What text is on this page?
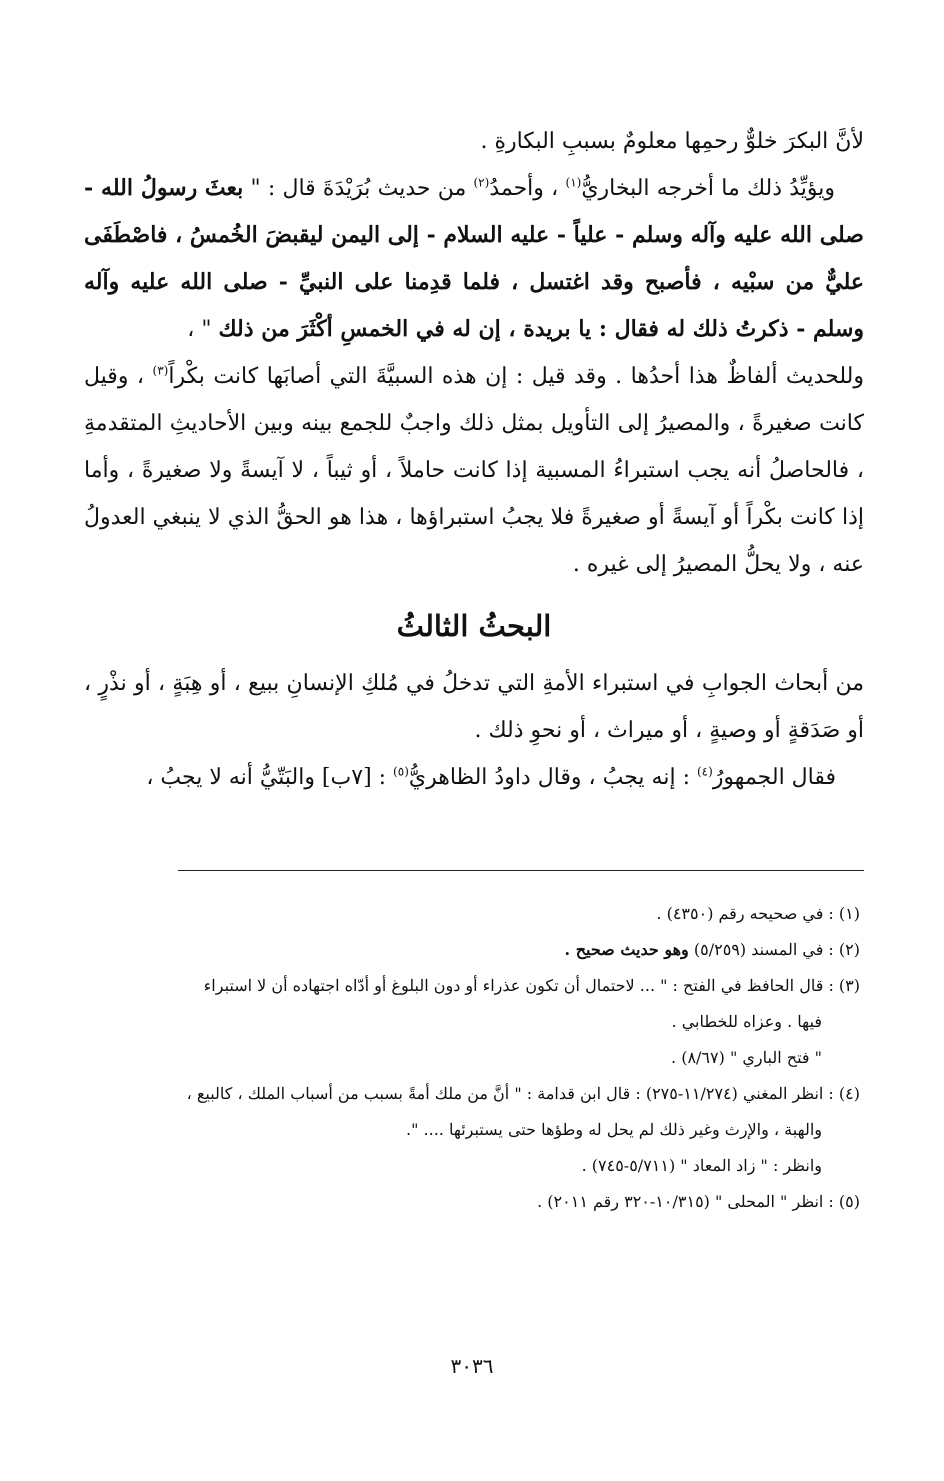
لأنَّ البكرَ خلوٌّ رحمِها معلومٌ بسببِ البكارةِ .

ويؤيِّدُ ذلك ما أخرجه البخاريُّ$^{(١)}$ ، وأحمدُ$^{(٢)}$ من حديث بُرَيْدَةَ قال : " بعثَ رسولُ الله - صلى الله عليه وآله وسلم - علياً - عليه السلام - إلى اليمن ليقبضَ الخُمسُ ، فاصْطَفَى عليٌّ من سبْيه ، فأصبح وقد اغتسل ، فلما قدِمنا على النبيِّ - صلى الله عليه وآله وسلم - ذكرتُ ذلك له فقال : يا بريدة ، إن له في الخمسِ أكْثَرَ من ذلك " ،

وللحديث ألفاظٌ هذا أحدُها . وقد قيل : إن هذه السبيَّةَ التي أصابَها كانت بكْراً$^{(٣)}$ ، وقيل كانت صغيرةً ، والمصيرُ إلى التأويل بمثل ذلك واجبٌ للجمع بينه وبين الأحاديثِ المتقدمةِ ، فالحاصلُ أنه يجب استبراءُ المسبية إذا كانت حاملاً ، أو ثيباً ، لا آيسةً ولا صغيرةً ، وأما إذا كانت بكْراً أو آيسةً أو صغيرةً فلا يجبُ استبراؤها ، هذا هو الحقُّ الذي لا ينبغي العدولُ عنه ، ولا يحلُّ المصيرُ إلى غيره .

البحثُ الثالثُ

من أبحاث الجوابِ في استبراء الأمةِ التي تدخلُ في مُلكِ الإنسانِ ببيع ، أو هِبَةٍ ، أو نذْرٍ ، أو صَدَقةٍ أو وصيةٍ ، أو ميراث ، أو نحوِ ذلك .

فقال الجمهورُ$^{(٤)}$ : إنه يجبُ ، وقال داودُ الظاهريُّ$^{(٥)}$ : [٧ب] والبَتّيُّ أنه لا يجبُ ،

(١) : في صحيحه رقم (٤٣٥٠) .

(٢) : في المسند (٥/٢٥٩) وهو حديث صحيح .

(٣) : قال الحافظ في الفتح : " ... لاحتمال أن تكون عذراء أو دون البلوغ أو أدّاه اجتهاده أن لا استبراء

فيها . وعزاه للخطابي .

" فتح الباري " (٨/٦٧) .

(٤) : انظر المغني (١١/٢٧٤-٢٧٥) : قال ابن قدامة : " أنَّ من ملك أمةً بسبب من أسباب الملك ، كالبيع ،

والهبة ، والإرث وغير ذلك لم يحل له وطؤها حتى يستبرئها .... ".

وانظر : " زاد المعاد " (٥/٧١١-٧٤٥) .

(٥) : انظر " المحلى " (١٠/٣١٥-٣٢٠ رقم ٢٠١١) .

٣٠٣٦
